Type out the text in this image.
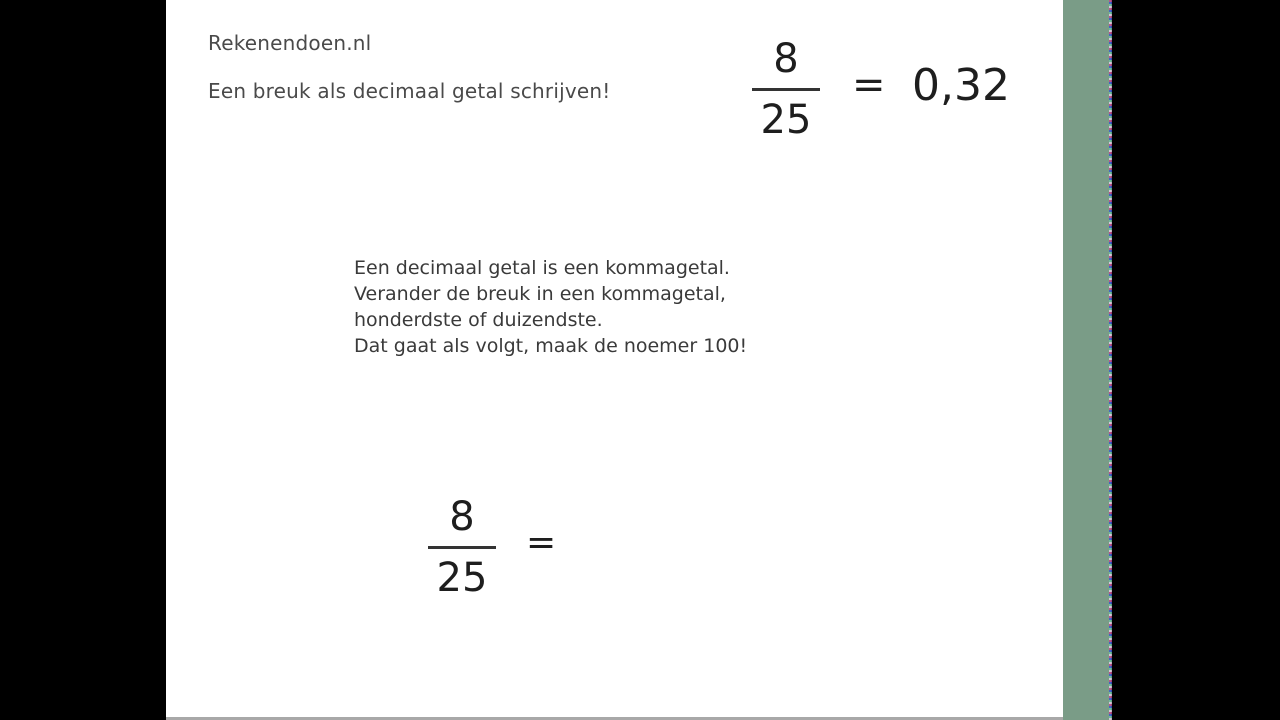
Rekenendoen.nl
Een breuk als decimaal getal schrijven!
8
25
= 0,32
Een decimaal getal is een kommagetal.
Verander de breuk in een kommagetal,
honderdste of duizendste.
Dat gaat als volgt, maak de noemer 100!
8
25
=
